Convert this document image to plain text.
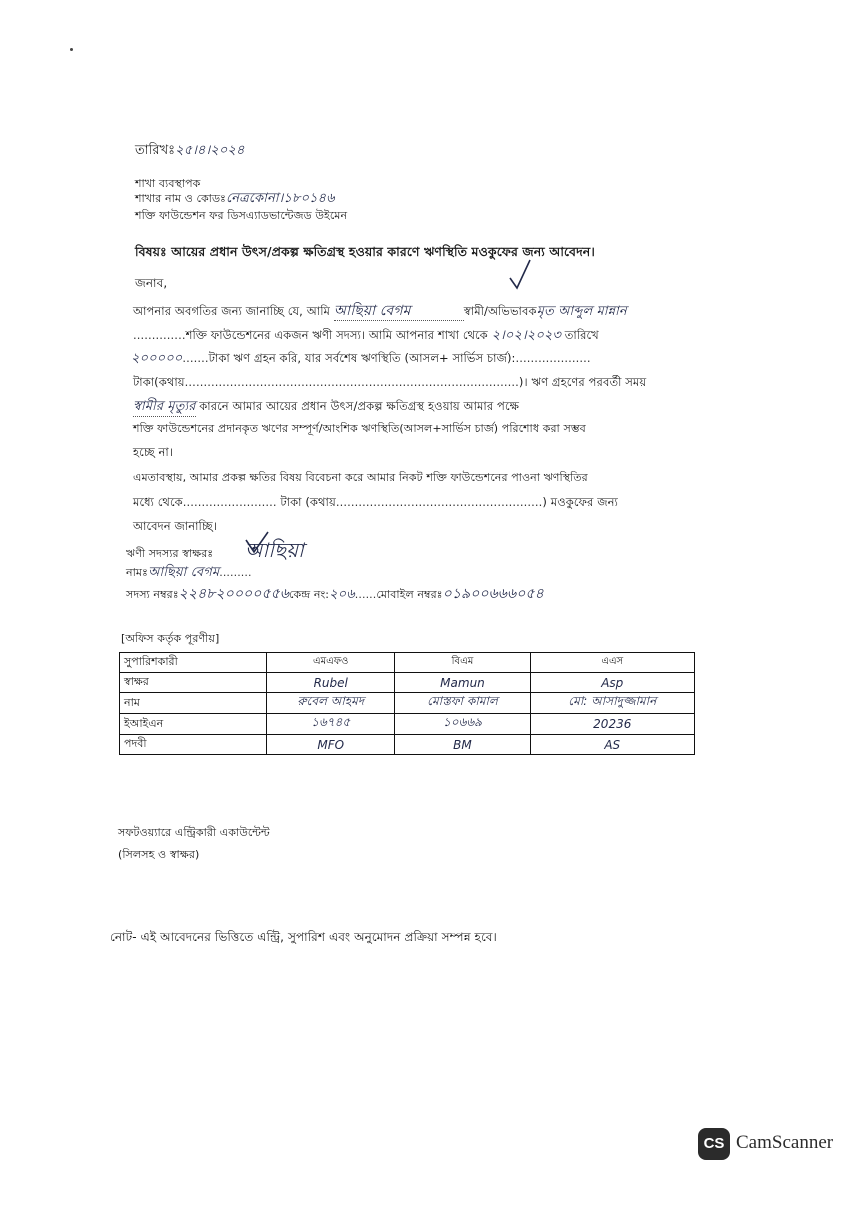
তারিখঃ২৫।৪।২০২৪
শাখা ব্যবস্থাপক
শাখার নাম ও কোডঃনেত্রকোনা।১৮০১৪৬
শক্তি ফাউন্ডেশন ফর ডিসএ্যাডভান্টেজড উইমেন
বিষয়ঃ আয়ের প্রধান উৎস/প্রকল্প ক্ষতিগ্রস্থ হওয়ার কারণে ঋণস্থিতি মওকুফের জন্য আবেদন।
জনাব,
আপনার অবগতির জন্য জানাচ্ছি যে, আমি আছিয়া বেগম	স্বামী/অভিভাবকমৃত আব্দুল মান্নান
..............শক্তি ফাউন্ডেশনের একজন ঋণী সদস্য। আমি আপনার শাখা থেকে ২।০২।২০২৩ তারিখে
২০০০০০.......টাকা ঋণ গ্রহন করি, যার সর্বশেষ ঋণস্থিতি (আসল+ সার্ভিস চার্জ):....................
টাকা(কথায়.........................................................................................)। ঋণ গ্রহণের পরবর্তী সময়
স্বামীর মৃত্যুর কারনে আমার আয়ের প্রধান উৎস/প্রকল্প ক্ষতিগ্রস্থ হওয়ায় আমার পক্ষে
শক্তি ফাউন্ডেশনের প্রদানকৃত ঋণের সম্পূর্ণ/আংশিক ঋণস্থিতি(আসল+সার্ভিস চার্জ) পরিশোধ করা সম্ভব
হচ্ছে না।
এমতাবস্থায়, আমার প্রকল্প ক্ষতির বিষয় বিবেচনা করে আমার নিকট শক্তি ফাউন্ডেশনের পাওনা ঋণস্থিতির
মধ্যে থেকে......................... টাকা (কথায়.......................................................) মওকুফের জন্য
আবেদন জানাচ্ছি।
ঋণী সদস্যর স্বাক্ষরঃ আছিয়া
নামঃআছিয়া বেগম.........
সদস্য নম্বরঃ২২৪৮২০০০০৫৫৬কেন্দ্র নং:২০৬......মোবাইল নম্বরঃ০১৯০০৬৬৬০৫৪
[অফিস কর্তৃক পূরণীয়]
সুপারিশকারী	এমএফও	বিএম	এএস
স্বাক্ষর	Rubel	Mamun	Asp
নাম	রুবেল আহমদ	মোস্তফা কামাল	মো: আসাদুজ্জামান
ইআইএন	১৬৭৪৫	১০৬৬৯	20236
পদবী	MFO	BM	AS
সফটওয়্যারে এন্ট্রিকারী একাউন্টেন্ট
(সিলসহ ও স্বাক্ষর)
নোট- এই আবেদনের ভিত্তিতে এন্ট্রি, সুপারিশ এবং অনুমোদন প্রক্রিয়া সম্পন্ন হবে।
CS CamScanner
